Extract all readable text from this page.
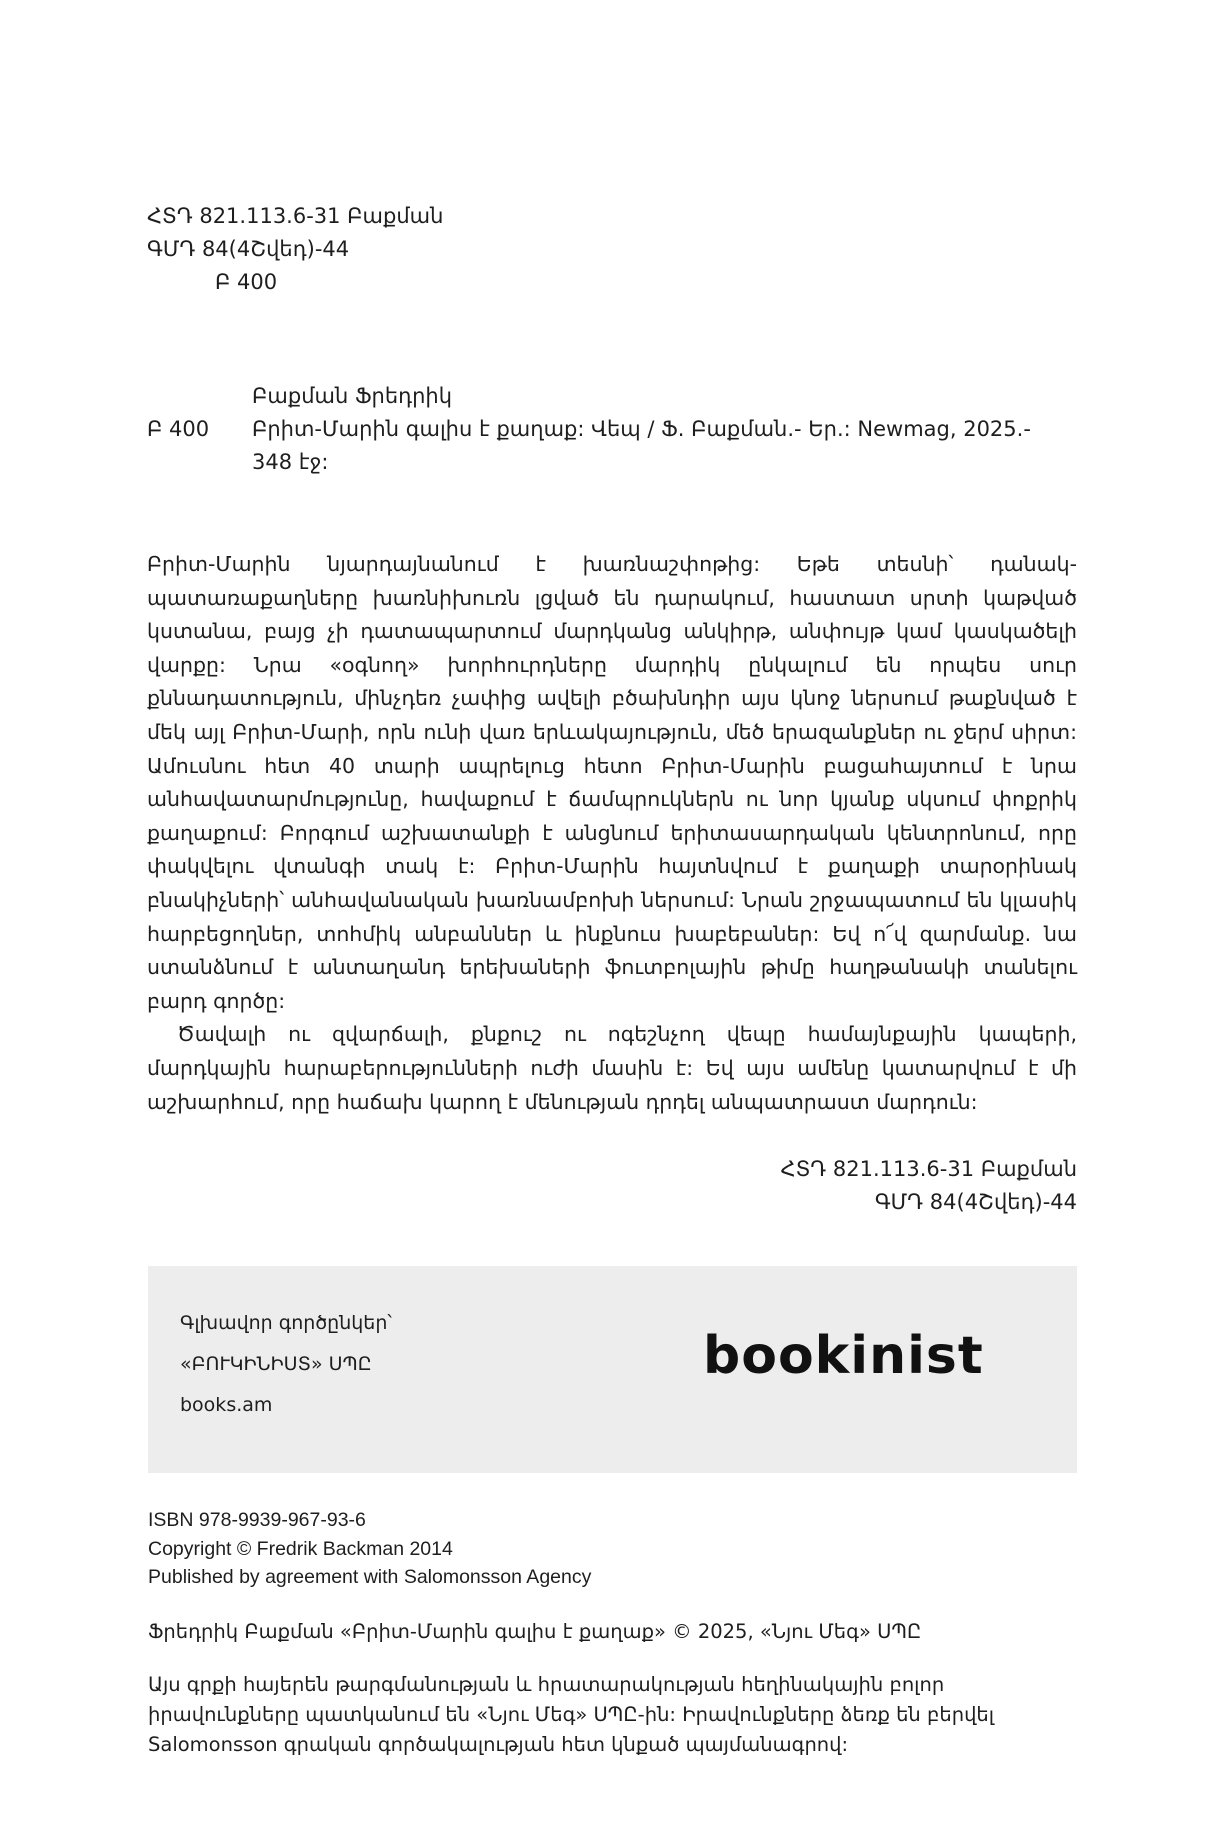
ՀՏԴ 821.113.6-31 Բաքման
ԳՄԴ 84(4Շվեդ)-44
Բ 400
Բաքման Ֆրեդրիկ
Բ 400	Բրիտ-Մարին գալիս է քաղաք: Վեպ / Ֆ. Բաքման.- Եր.: Newmag, 2025.-
348 էջ:

Բրիտ-Մարին նյարդայնանում է խառնաշփոթից: Եթե տեսնի՝ դանակ-պատառաքաղները խառնիխուռն լցված են դարակում, հաստատ սրտի կաթված կստանա, բայց չի դատապարտում մարդկանց անկիրթ, անփույթ կամ կասկածելի վարքը: Նրա «օգնող» խորհուրդները մարդիկ ընկալում են որպես սուր քննադատություն, մինչդեռ չափից ավելի բծախնդիր այս կնոջ ներսում թաքնված է մեկ այլ Բրիտ-Մարի, որն ունի վառ երևակայություն, մեծ երազանքներ ու ջերմ սիրտ: Ամուսնու հետ 40 տարի ապրելուց հետո Բրիտ-Մարին բացահայտում է նրա անհավատարմությունը, հավաքում է ճամպրուկներն ու նոր կյանք սկսում փոքրիկ քաղաքում: Բորգում աշխատանքի է անցնում երիտասարդական կենտրոնում, որը փակվելու վտանգի տակ է: Բրիտ-Մարին հայտնվում է քաղաքի տարօրինակ բնակիչների՝ անհավանական խառնամբոխի ներսում: Նրան շրջապատում են կլասիկ հարբեցողներ, տոհմիկ անբաններ և ինքնուս խաբեբաներ: Եվ ո՜վ զարմանք. նա ստանձնում է անտաղանդ երեխաների ֆուտբոլային թիմը հաղթանակի տանելու բարդ գործը:

Ծավալի ու զվարճալի, քնքուշ ու ոգեշնչող վեպը համայնքային կապերի, մարդկային հարաբերությունների ուժի մասին է: Եվ այս ամենը կատարվում է մի աշխարհում, որը հաճախ կարող է մենության դրդել անպատրաստ մարդուն:

ՀՏԴ 821.113.6-31 Բաքման
ԳՄԴ 84(4Շվեդ)-44
Գլխավոր գործընկեր՝
«ԲՈՒԿԻՆԻՍՏ» ՍՊԸ
books.am
bookinist
ISBN 978-9939-967-93-6
Copyright © Fredrik Backman 2014
Published by agreement with Salomonsson Agency
Ֆրեդրիկ Բաքման «Բրիտ-Մարին գալիս է քաղաք» © 2025, «Նյու Մեգ» ՍՊԸ
Այս գրքի հայերեն թարգմանության և հրատարակության հեղինակային բոլոր իրավունքները պատկանում են «Նյու Մեգ» ՍՊԸ-ին: Իրավունքները ձեռք են բերվել Salomonsson գրական գործակալության հետ կնքած պայմանագրով:
